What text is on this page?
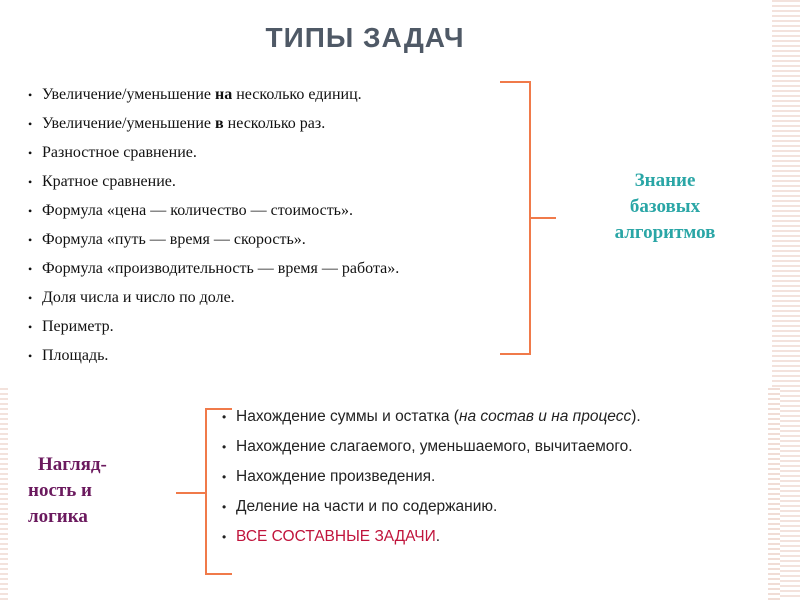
ТИПЫ ЗАДАЧ
• Увеличение/уменьшение на несколько единиц.
• Увеличение/уменьшение в несколько раз.
• Разностное сравнение.
• Кратное сравнение.
• Формула «цена — количество — стоимость».
• Формула «путь — время — скорость».
• Формула «производительность — время — работа».
• Доля числа и число по доле.
• Периметр.
• Площадь.
Знание
базовых
алгоритмов
• Нахождение суммы и остатка (на состав и на процесс).
• Нахождение слагаемого, уменьшаемого, вычитаемого.
• Нахождение произведения.
• Деление на части и по содержанию.
• ВСЕ СОСТАВНЫЕ ЗАДАЧИ.
Нагляд-
ность и
логика
